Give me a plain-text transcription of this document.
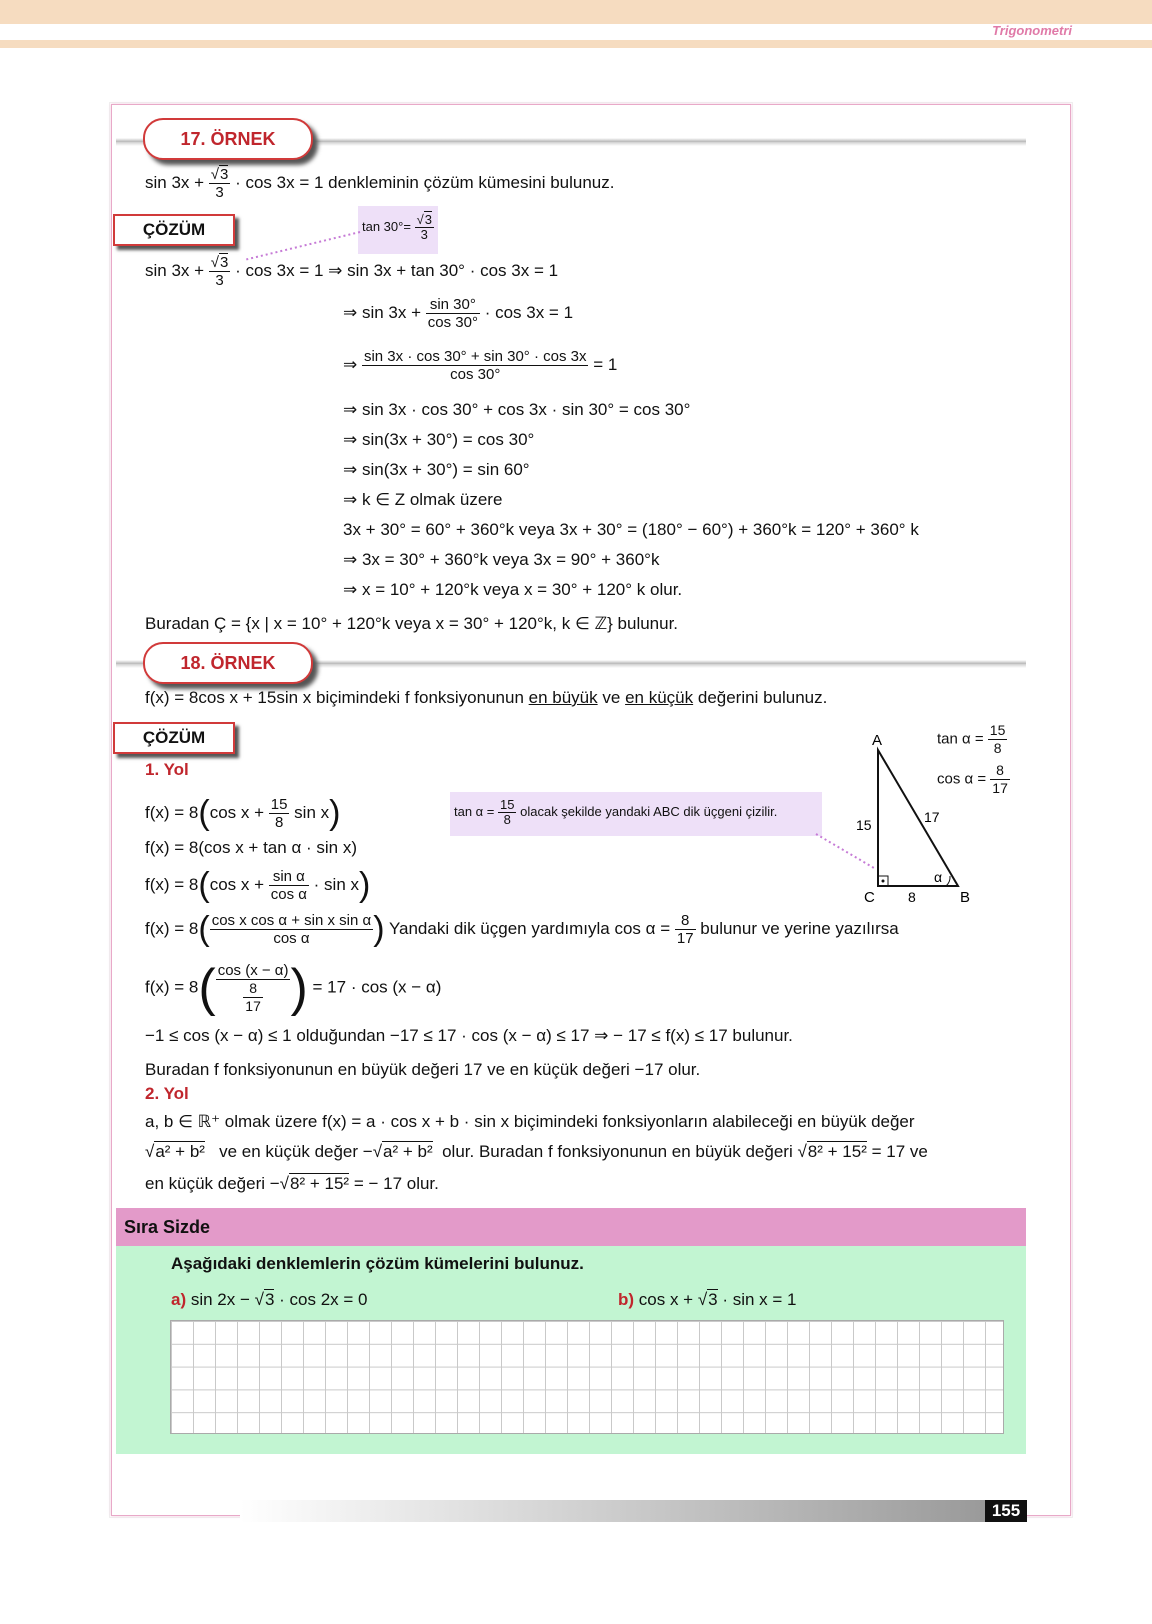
Trigonometri
17. ÖRNEK
$\sin 3x + \frac{√3}{3} \cdot \cos 3x = 1$ denkleminin çözüm kümesini bulunuz.
ÇÖZÜM	$\tan 30^\circ= \frac{√3}{3}$
$\sin 3x + \frac{√3}{3} \cdot \cos 3x = 1$ ⇒ sin 3x + tan 30° · cos 3x = 1
⇒ $\sin 3x + \frac{\sin 30^\circ}{\cos 30^\circ} \cdot \cos 3x = 1$
⇒ $\frac{\sin 3x \cdot \cos 30^\circ + \sin 30^\circ \cdot \cos 3x}{\cos 30^\circ} = 1$
⇒ sin 3x · cos 30° + cos 3x · sin 30° = cos 30°
⇒ sin(3x + 30°) = cos 30°
⇒ sin(3x + 30°) = sin 60°
⇒ k ∈ Z olmak üzere
3x + 30° = 60° + 360°k veya 3x + 30° = (180° − 60°) + 360°k = 120° + 360° k
⇒ 3x = 30° + 360°k veya 3x = 90° + 360°k
⇒ x = 10° + 120°k veya x = 30° + 120° k olur.
Buradan Ç = {x | x = 10° + 120°k veya x = 30° + 120°k, k ∈ ℤ} bulunur.
18. ÖRNEK
f(x) = 8cos x + 15sin x biçimindeki f fonksiyonunun en büyük ve en küçük değerini bulunuz.
ÇÖZÜM
1. Yol
$\tan \alpha = \frac{15}{8}$ olacak şekilde yandaki ABC dik üçgeni çizilir.
f(x) = 8(cos $x + \frac{15}{8}$ sin x)
f(x) = 8(cos x + tan α · sin x)
f(x) = 8(cos $x + \frac{\text{sin α}}{\text{cos α}} \cdot \sin x$)
$f(x) = 8( \frac{\text{cos x cos α + sin x sin α}}{\text{cos α}}$ ) Yandaki dik üçgen yardımıyla $\cos \alpha = \frac{8}{17}$ bulunur ve yerine yazılırsa
$f(x) = 8( \frac{\cos (x - \alpha)}{\frac{8}{17}}$ ) = 17 · cos (x − α)
−1 ≤ cos (x − α) ≤ 1 olduğundan −17 ≤ 17 · cos (x − α) ≤ 17 ⇒ − 17 ≤ f(x) ≤ 17 bulunur.
Buradan f fonksiyonunun en büyük değeri 17 ve en küçük değeri −17 olur.
2. Yol
a, b ∈ ℝ⁺ olmak üzere f(x) = a · cos x + b · sin x biçimindeki fonksiyonların alabileceği en büyük değer
√a² + b² ve en küçük değer −√a² + b² olur. Buradan f fonksiyonunun en büyük değeri √8² + 15² = 17 ve
en küçük değeri −√8² + 15² = − 17 olur.
A
B
C
15	17
8
α
$\tan \alpha = \frac{15}{8}$
$\cos \alpha = \frac{8}{17}$
Sıra Sizde
Aşağıdaki denklemlerin çözüm kümelerini bulunuz.
a) sin 2x − √3 · cos 2x = 0	b) cos x + √3 · sin x = 1
155
